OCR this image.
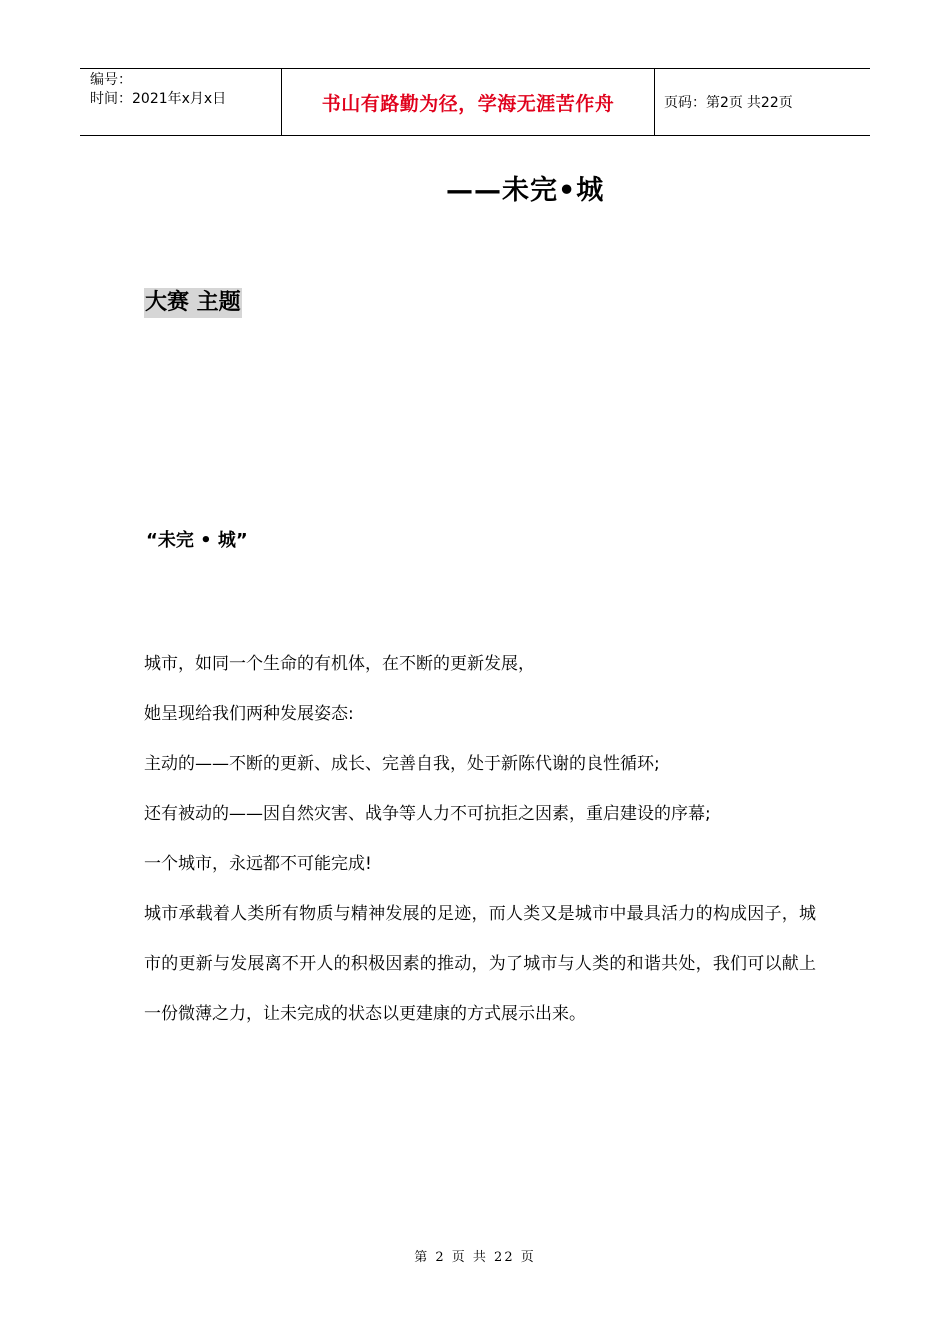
编号：
时间：2021年x月x日	书山有路勤为径，学海无涯苦作舟	页码：第2页 共22页
——未完•城
大赛 主题
“未完 • 城”
城市，如同一个生命的有机体，在不断的更新发展，
她呈现给我们两种发展姿态:
主动的——不断的更新、成长、完善自我，处于新陈代谢的良性循环;
还有被动的——因自然灾害、战争等人力不可抗拒之因素，重启建设的序幕;
一个城市，永远都不可能完成!
城市承载着人类所有物质与精神发展的足迹，而人类又是城市中最具活力的构成因子，城市的更新与发展离不开人的积极因素的推动，为了城市与人类的和谐共处，我们可以献上一份微薄之力，让未完成的状态以更建康的方式展示出来。
第 2 页 共 22 页
